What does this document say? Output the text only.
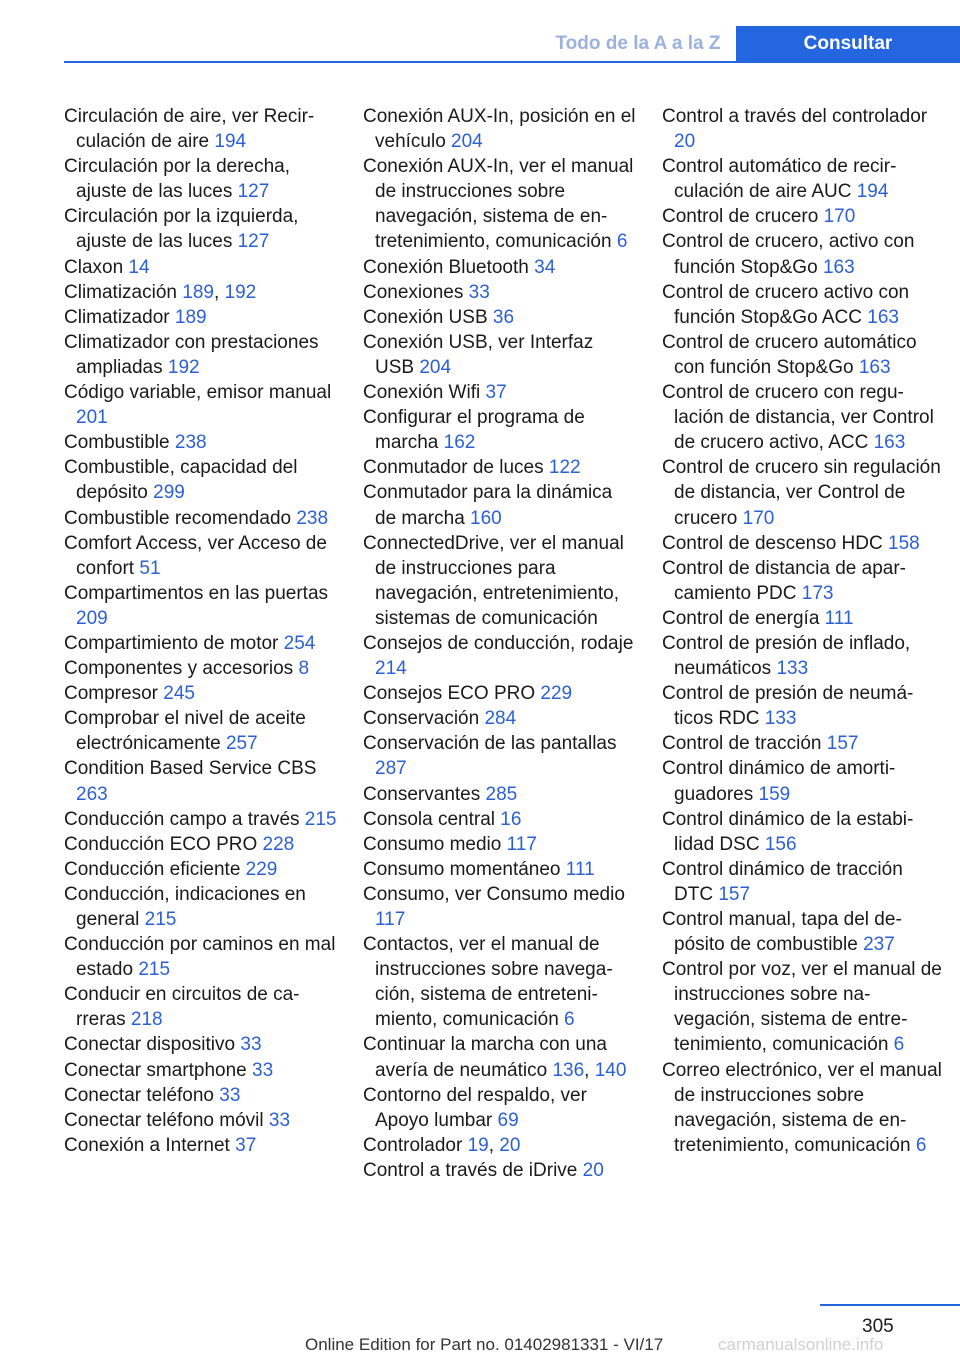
Todo de la A a la Z	Consultar
Circulación de aire, ver Recirculación de aire 194
Circulación por la derecha, ajuste de las luces 127
Circulación por la izquierda, ajuste de las luces 127
Claxon 14
Climatización 189, 192
Climatizador 189
Climatizador con prestaciones ampliadas 192
Código variable, emisor manual 201
Combustible 238
Combustible, capacidad del depósito 299
Combustible recomendado 238
Comfort Access, ver Acceso de confort 51
Compartimentos en las puertas 209
Compartimiento de motor 254
Componentes y accesorios 8
Compresor 245
Comprobar el nivel de aceite electrónicamente 257
Condition Based Service CBS 263
Conducción campo a través 215
Conducción ECO PRO 228
Conducción eficiente 229
Conducción, indicaciones en general 215
Conducción por caminos en mal estado 215
Conducir en circuitos de carreras 218
Conectar dispositivo 33
Conectar smartphone 33
Conectar teléfono 33
Conectar teléfono móvil 33
Conexión a Internet 37
Conexión AUX-In, posición en el vehículo 204
Conexión AUX-In, ver el manual de instrucciones sobre navegación, sistema de entretenimiento, comunicación 6
Conexión Bluetooth 34
Conexiones 33
Conexión USB 36
Conexión USB, ver Interfaz USB 204
Conexión Wifi 37
Configurar el programa de marcha 162
Conmutador de luces 122
Conmutador para la dinámica de marcha 160
ConnectedDrive, ver el manual de instrucciones para navegación, entretenimiento, sistemas de comunicación
Consejos de conducción, rodaje 214
Consejos ECO PRO 229
Conservación 284
Conservación de las pantallas 287
Conservantes 285
Consola central 16
Consumo medio 117
Consumo momentáneo 111
Consumo, ver Consumo medio 117
Contactos, ver el manual de instrucciones sobre navegación, sistema de entretenimiento, comunicación 6
Continuar la marcha con una avería de neumático 136, 140
Contorno del respaldo, ver Apoyo lumbar 69
Controlador 19, 20
Control a través de iDrive 20
Control a través del controlador 20
Control automático de recirculación de aire AUC 194
Control de crucero 170
Control de crucero, activo con función Stop&Go 163
Control de crucero activo con función Stop&Go ACC 163
Control de crucero automático con función Stop&Go 163
Control de crucero con regulación de distancia, ver Control de crucero activo, ACC 163
Control de crucero sin regulación de distancia, ver Control de crucero 170
Control de descenso HDC 158
Control de distancia de aparcamiento PDC 173
Control de energía 111
Control de presión de inflado, neumáticos 133
Control de presión de neumáticos RDC 133
Control de tracción 157
Control dinámico de amortiguadores 159
Control dinámico de la estabilidad DSC 156
Control dinámico de tracción DTC 157
Control manual, tapa del depósito de combustible 237
Control por voz, ver el manual de instrucciones sobre navegación, sistema de entretenimiento, comunicación 6
Correo electrónico, ver el manual de instrucciones sobre navegación, sistema de entretenimiento, comunicación 6
305
Online Edition for Part no. 01402981331 - VI/17	carmanualsonline.info
